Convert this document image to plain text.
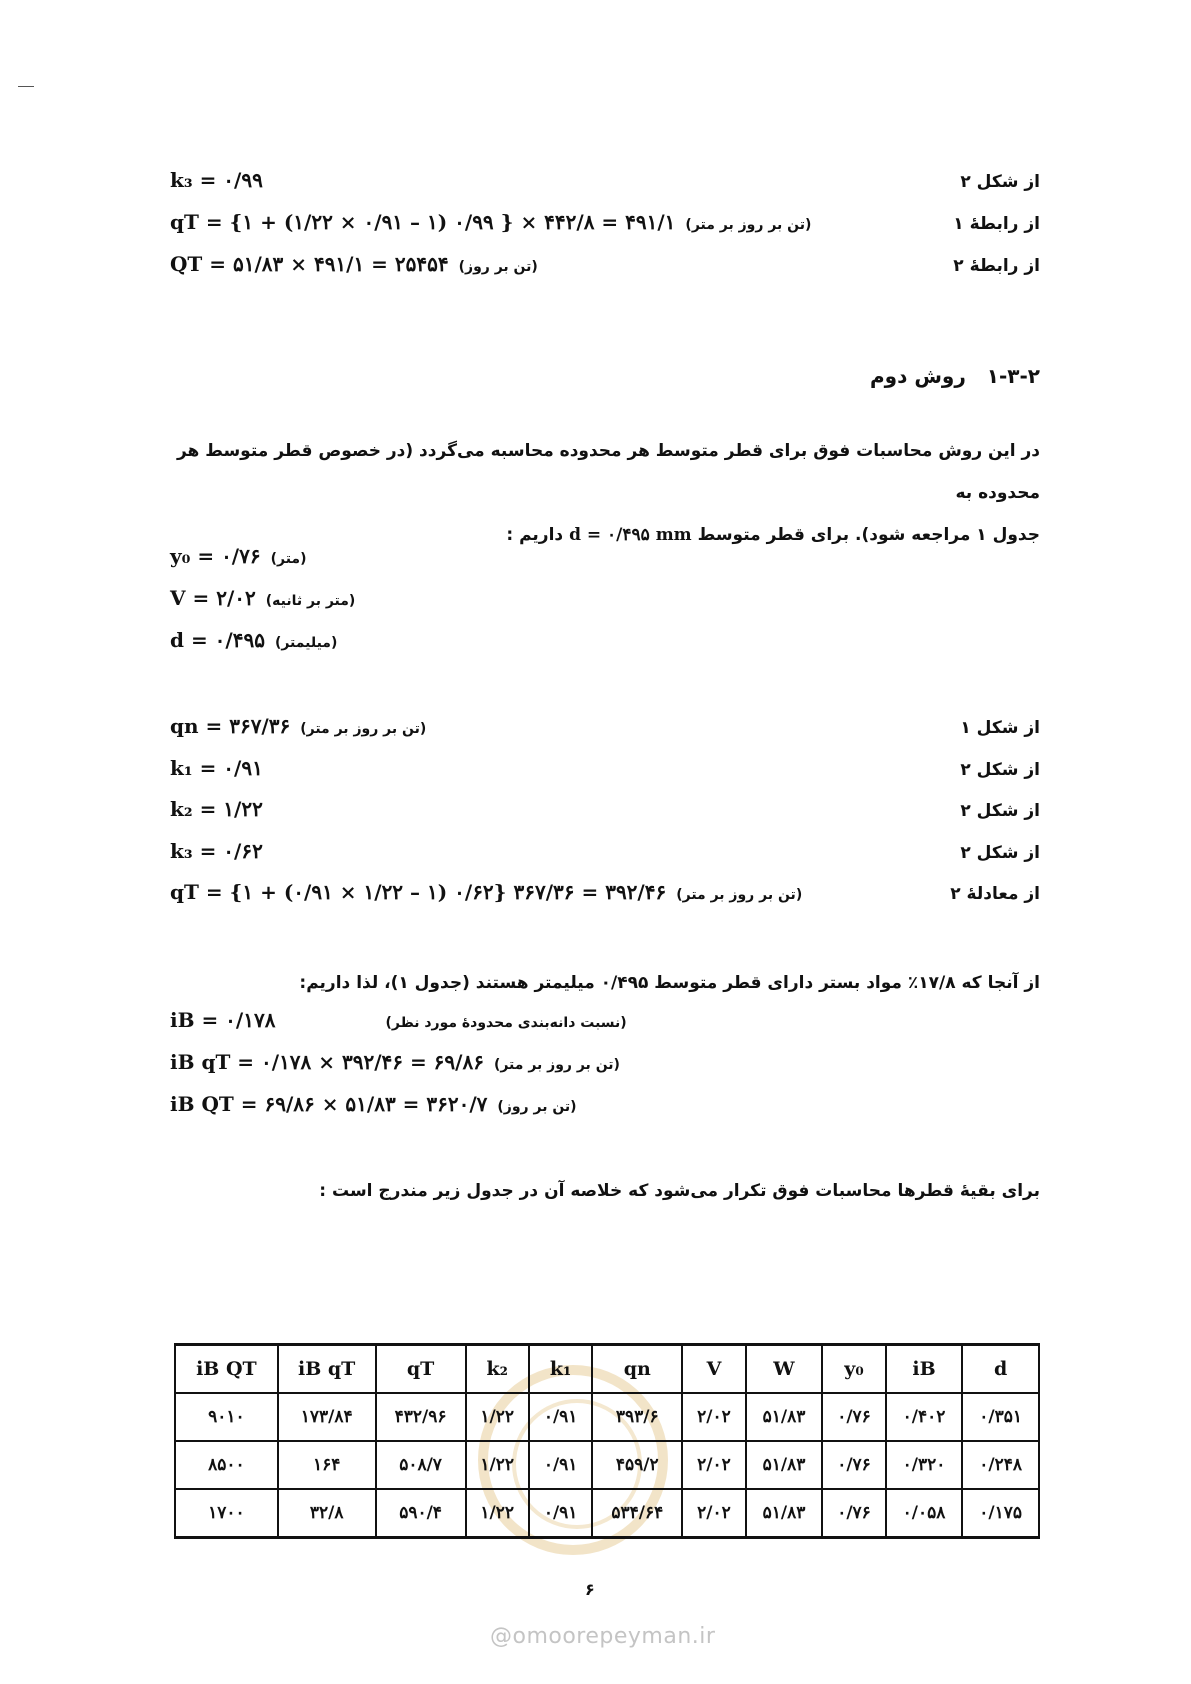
از شکل ۲
k₃ = ۰/۹۹
از رابطهٔ ۱
qT = {۱ + (۱/۲۲ × ۰/۹۱ – ۱) ۰/۹۹ } × ۴۴۲/۸ = ۴۹۱/۱ (تن بر روز بر متر)
از رابطهٔ ۲
QT = ۵۱/۸۳ × ۴۹۱/۱ = ۲۵۴۵۴ (تن بر روز)
۱-۳-۲   روش دوم
در این روش محاسبات فوق برای قطر متوسط هر محدوده محاسبه می‌گردد (در خصوص قطر متوسط هر محدوده به
جدول ۱ مراجعه شود). برای قطر متوسط d = ۰/۴۹۵ mm داریم :
y₀ = ۰/۷۶ (متر)
V = ۲/۰۲ (متر بر ثانیه)
d = ۰/۴۹۵ (میلیمتر)
از شکل ۱
qn = ۳۶۷/۳۶ (تن بر روز بر متر)
از شکل ۲
k₁ = ۰/۹۱
از شکل ۲
k₂ = ۱/۲۲
از شکل ۲
k₃ = ۰/۶۲
از معادلهٔ ۲
qT = {۱ + (۰/۹۱ × ۱/۲۲ – ۱) ۰/۶۲} ۳۶۷/۳۶ = ۳۹۲/۴۶ (تن بر روز بر متر)
از آنجا که ۱۷/۸٪ مواد بستر دارای قطر متوسط ۰/۴۹۵ میلیمتر هستند (جدول ۱)، لذا داریم:
iB = ۰/۱۷۸	(نسبت دانه‌بندی محدودهٔ مورد نظر)
iB qT = ۰/۱۷۸ × ۳۹۲/۴۶ = ۶۹/۸۶ (تن بر روز بر متر)
iB QT = ۶۹/۸۶ × ۵۱/۸۳ = ۳۶۲۰/۷ (تن بر روز)
برای بقیهٔ قطرها محاسبات فوق تکرار می‌شود که خلاصه آن در جدول زیر مندرج است :
d	iB	y₀	W	V	qn	k₁	k₂	qT	iB qT	iB QT
۰/۳۵۱	۰/۴۰۲	۰/۷۶	۵۱/۸۳	۲/۰۲	۳۹۳/۶	۰/۹۱	۱/۲۲	۴۳۲/۹۶	۱۷۳/۸۴	۹۰۱۰
۰/۲۴۸	۰/۳۲۰	۰/۷۶	۵۱/۸۳	۲/۰۲	۴۵۹/۲	۰/۹۱	۱/۲۲	۵۰۸/۷	۱۶۴	۸۵۰۰
۰/۱۷۵	۰/۰۵۸	۰/۷۶	۵۱/۸۳	۲/۰۲	۵۳۴/۶۴	۰/۹۱	۱/۲۲	۵۹۰/۴	۳۲/۸	۱۷۰۰
۶
@omoorepeyman.ir
